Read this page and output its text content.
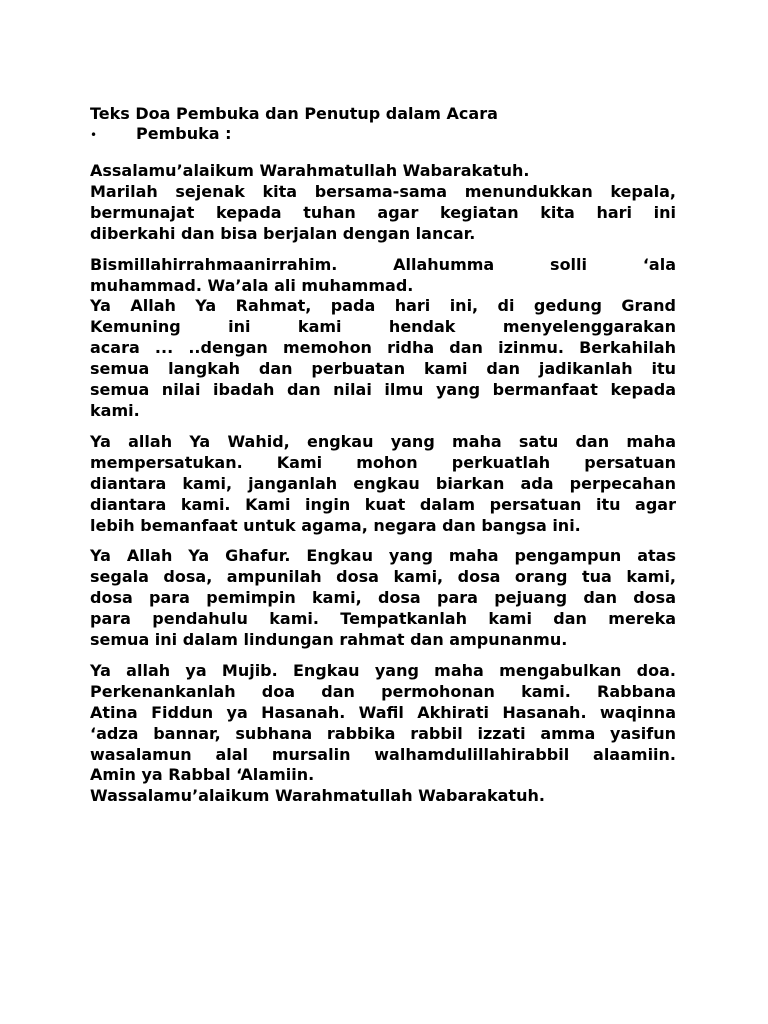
Teks Doa Pembuka dan Penutup dalam Acara

•	Pembuka :
Assalamu’alaikum Warahmatullah Wabarakatuh.
Marilah sejenak kita bersama-sama menundukkan kepala,
bermunajat kepada tuhan agar kegiatan kita hari ini
diberkahi dan bisa berjalan dengan lancar.
Bismillahirrahmaanirrahim. Allahumma solli ‘ala
muhammad. Wa’ala ali muhammad.
Ya Allah Ya Rahmat, pada hari ini, di gedung Grand
Kemuning ini kami hendak menyelenggarakan
acara ... ..dengan memohon ridha dan izinmu. Berkahilah
semua langkah dan perbuatan kami dan jadikanlah itu
semua nilai ibadah dan nilai ilmu yang bermanfaat kepada
kami.
Ya allah Ya Wahid, engkau yang maha satu dan maha
mempersatukan. Kami mohon perkuatlah persatuan
diantara kami, janganlah engkau biarkan ada perpecahan
diantara kami. Kami ingin kuat dalam persatuan itu agar
lebih bemanfaat untuk agama, negara dan bangsa ini.
Ya Allah Ya Ghafur. Engkau yang maha pengampun atas
segala dosa, ampunilah dosa kami, dosa orang tua kami,
dosa para pemimpin kami, dosa para pejuang dan dosa
para pendahulu kami. Tempatkanlah kami dan mereka
semua ini dalam lindungan rahmat dan ampunanmu.
Ya allah ya Mujib. Engkau yang maha mengabulkan doa.
Perkenankanlah doa dan permohonan kami. Rabbana
Atina Fiddun ya Hasanah. Wafil Akhirati Hasanah. waqinna
‘adza bannar, subhana rabbika rabbil izzati amma yasifun
wasalamun alal mursalin walhamdulillahirabbil alaamiin.
Amin ya Rabbal ‘Alamiin.
Wassalamu’alaikum Warahmatullah Wabarakatuh.
